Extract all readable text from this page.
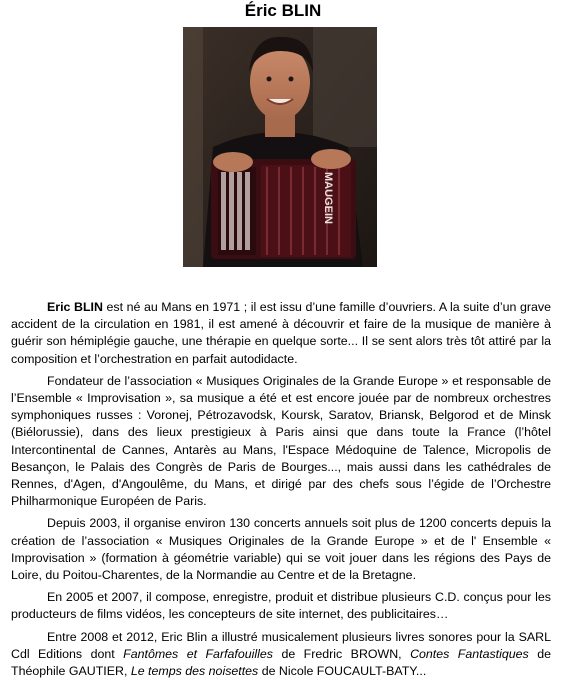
Éric BLIN
MAUGEIN

Eric BLIN est né au Mans en 1971 ; il est issu d’une famille d’ouvriers. A la suite d’un grave accident de la circulation en 1981, il est amené à découvrir et faire de la musique de manière à guérir son hémiplégie gauche, une thérapie en quelque sorte... Il se sent alors très tôt attiré par la composition et l’orchestration en parfait autodidacte.

Fondateur de l’association « Musiques Originales de la Grande Europe » et responsable de l’Ensemble « Improvisation », sa musique a été et est encore jouée par de nombreux orchestres symphoniques russes : Voronej, Pétrozavodsk, Koursk, Saratov, Briansk, Belgorod et de Minsk (Biélorussie), dans des lieux prestigieux à Paris ainsi que dans toute la France (l’hôtel Intercontinental de Cannes, Antarès au Mans, l'Espace Médoquine de Talence, Micropolis de Besançon, le Palais des Congrès de Paris de Bourges..., mais aussi dans les cathédrales de Rennes, d'Agen, d'Angoulême, du Mans, et dirigé par des chefs sous l’égide de l’Orchestre Philharmonique Européen de Paris.

Depuis 2003, il organise environ 130 concerts annuels soit plus de 1200 concerts depuis la création de l’association « Musiques Originales de la Grande Europe » et de l' Ensemble « Improvisation » (formation à géométrie variable) qui se voit jouer dans les régions des Pays de Loire, du Poitou-Charentes, de la Normandie au Centre et de la Bretagne.

En 2005 et 2007, il compose, enregistre, produit et distribue plusieurs C.D. conçus pour les producteurs de films vidéos, les concepteurs de site internet, des publicitaires…

Entre 2008 et 2012, Eric Blin a illustré musicalement plusieurs livres sonores pour la SARL Cdl Editions dont Fantômes et Farfafouilles de Fredric BROWN, Contes Fantastiques de Théophile GAUTIER, Le temps des noisettes de Nicole FOUCAULT-BATY...
